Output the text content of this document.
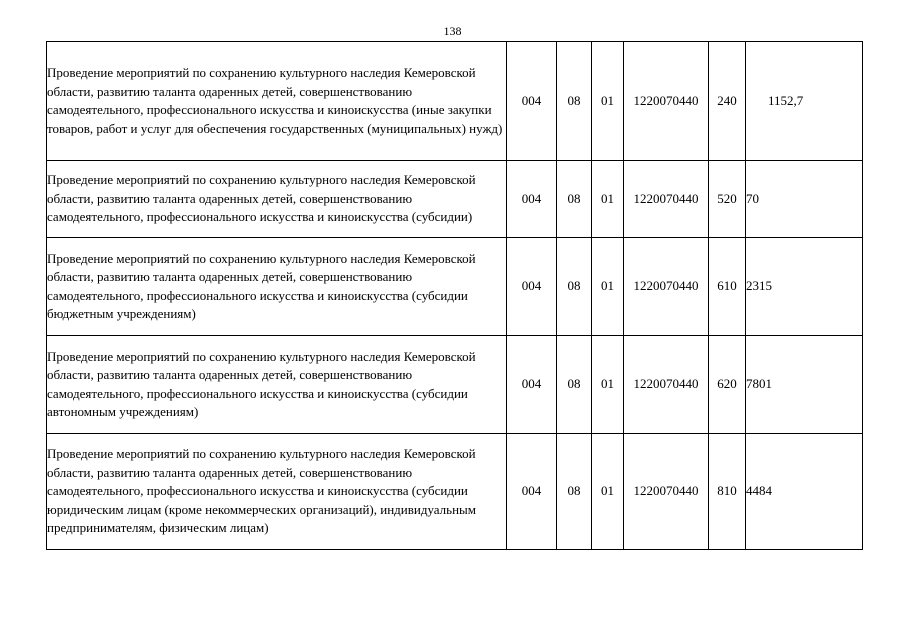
138
Проведение мероприятий по сохранению культурного наследия Кемеровской области, развитию таланта одаренных детей, совершенствованию самодеятельного, профессионального искусства и киноискусства (иные закупки товаров, работ и услуг для обеспечения государственных (муниципальных) нужд)	004	08	01	1220070440	240	1152,7
Проведение мероприятий по сохранению культурного наследия Кемеровской области, развитию таланта одаренных детей, совершенствованию самодеятельного, профессионального искусства и киноискусства (субсидии)	004	08	01	1220070440	520	70
Проведение мероприятий по сохранению культурного наследия Кемеровской области, развитию таланта одаренных детей, совершенствованию самодеятельного, профессионального искусства и киноискусства (субсидии бюджетным учреждениям)	004	08	01	1220070440	610	2315
Проведение мероприятий по сохранению культурного наследия Кемеровской области, развитию таланта одаренных детей, совершенствованию самодеятельного, профессионального искусства и киноискусства (субсидии автономным учреждениям)	004	08	01	1220070440	620	7801
Проведение мероприятий по сохранению культурного наследия Кемеровской области, развитию таланта одаренных детей, совершенствованию самодеятельного, профессионального искусства и киноискусства (субсидии юридическим лицам (кроме некоммерческих организаций), индивидуальным предпринимателям, физическим лицам)	004	08	01	1220070440	810	4484
